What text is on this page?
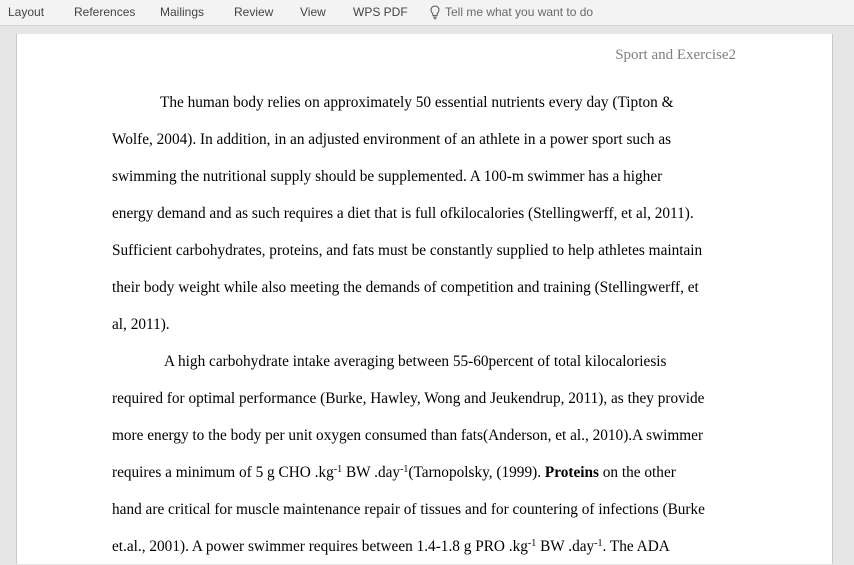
Layout References Mailings Review View WPS PDF
Tell me what you want to do
Sport and Exercise2

The human body relies on approximately 50 essential nutrients every day (Tipton &
Wolfe, 2004). In addition, in an adjusted environment of an athlete in a power sport such as
swimming the nutritional supply should be supplemented. A 100-m swimmer has a higher
energy demand and as such requires a diet that is full ofkilocalories (Stellingwerff, et al, 2011).
Sufficient carbohydrates, proteins, and fats must be constantly supplied to help athletes maintain
their body weight while also meeting the demands of competition and training (Stellingwerff, et
al, 2011).

A high carbohydrate intake averaging between 55-60percent of total kilocaloriesis
required for optimal performance (Burke, Hawley, Wong and Jeukendrup, 2011), as they provide
more energy to the body per unit oxygen consumed than fats(Anderson, et al., 2010).A swimmer
requires a minimum of 5 g CHO $.kg^{-1}$ BW .day$^{-1}$(Tarnopolsky, (1999). Proteins on the other
hand are critical for muscle maintenance repair of tissues and for countering of infections (Burke
et.al., 2001). A power swimmer requires between 1.4-1.8 g PRO $.kg^{-1}$ BW .day$^{-1}$. The ADA
